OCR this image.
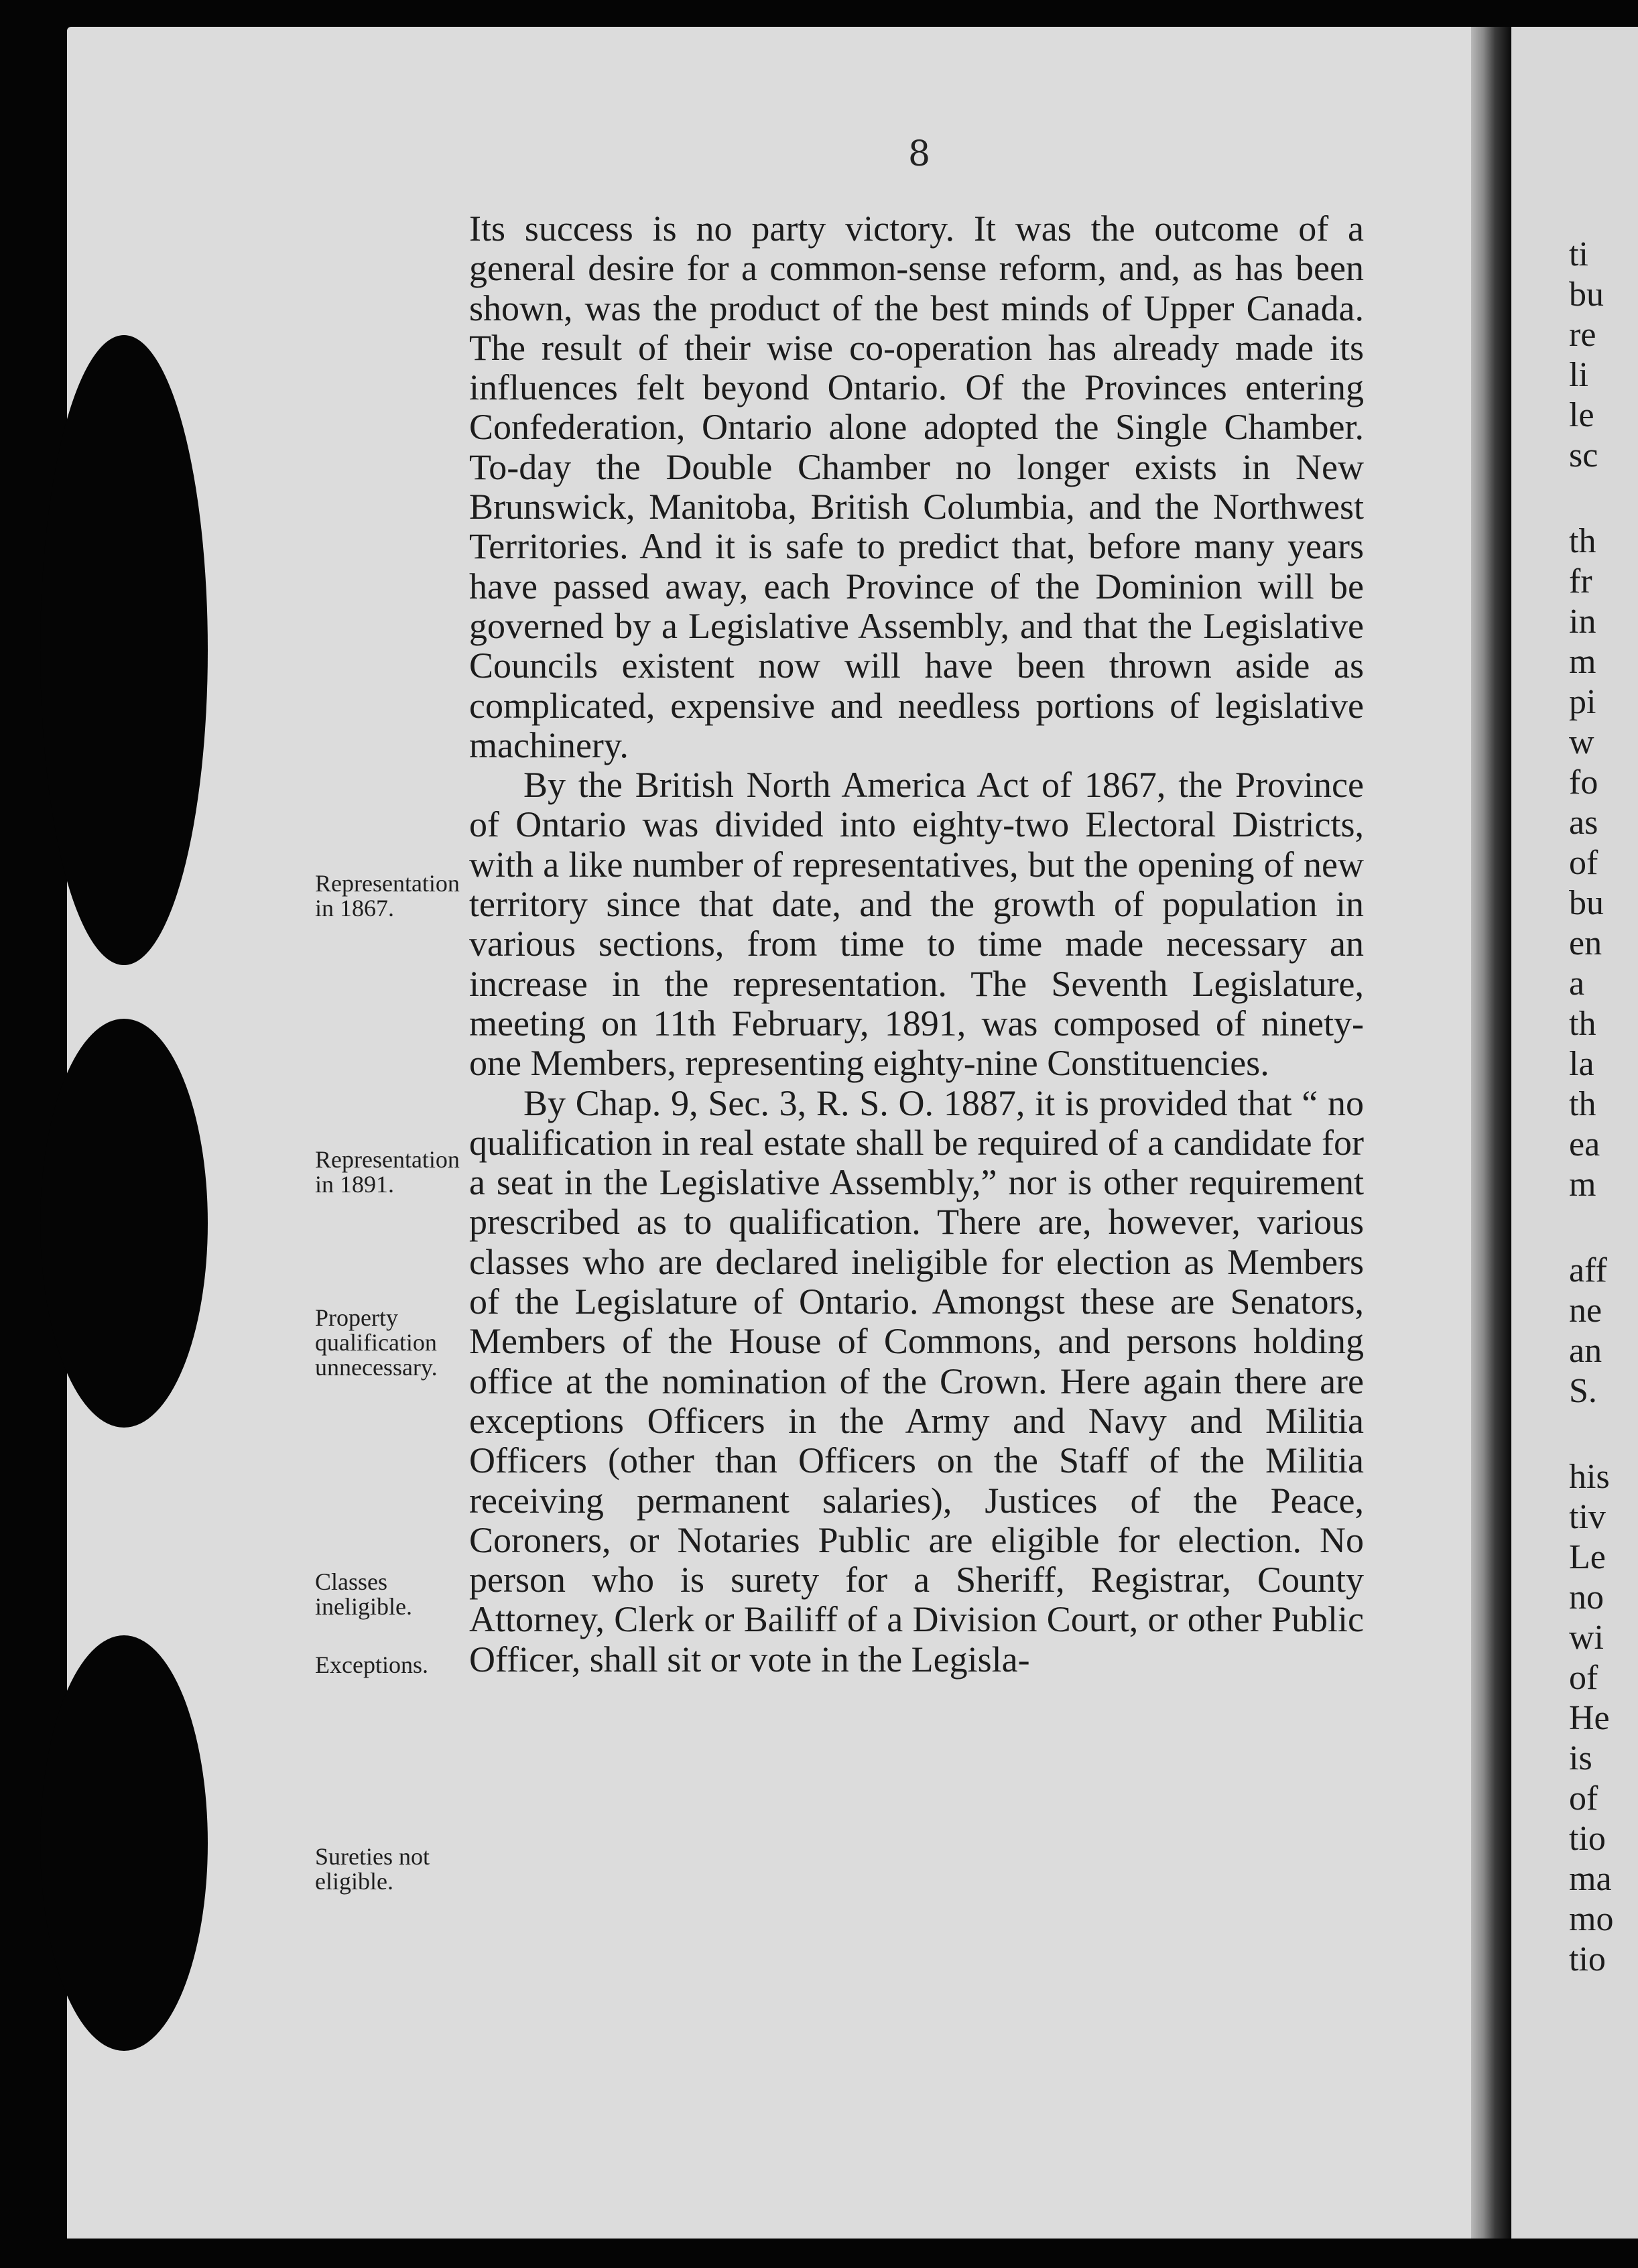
8
Representation in 1867.
Representation in 1891.
Property qualification unnecessary.
Classes ineligible.
Exceptions.
Sureties not eligible.

Its success is no party victory. It was the outcome of a general desire for a common-sense reform, and, as has been shown, was the product of the best minds of Upper Canada. The result of their wise co-operation has already made its influences felt beyond Ontario. Of the Provinces entering Confederation, Ontario alone adopted the Single Chamber. To-day the Double Chamber no longer exists in New Brunswick, Manitoba, British Columbia, and the Northwest Territories. And it is safe to predict that, before many years have passed away, each Province of the Dominion will be governed by a Legislative Assembly, and that the Legislative Councils existent now will have been thrown aside as complicated, expensive and needless portions of legislative machinery.

By the British North America Act of 1867, the Province of Ontario was divided into eighty-two Electoral Districts, with a like number of representatives, but the opening of new territory since that date, and the growth of population in various sections, from time to time made necessary an increase in the representation. The Seventh Legislature, meeting on 11th February, 1891, was composed of ninety-one Members, representing eighty-nine Constituencies.

By Chap. 9, Sec. 3, R. S. O. 1887, it is provided that “ no qualification in real estate shall be required of a candidate for a seat in the Legislative Assembly,” nor is other requirement prescribed as to qualification. There are, however, various classes who are declared ineligible for election as Members of the Legislature of Ontario. Amongst these are Senators, Members of the House of Commons, and persons holding office at the nomination of the Crown. Here again there are exceptions Officers in the Army and Navy and Militia Officers (other than Officers on the Staff of the Militia receiving permanent salaries), Justices of the Peace, Coroners, or Notaries Public are eligible for election. No person who is surety for a Sheriff, Registrar, County Attorney, Clerk or Bailiff of a Division Court, or other Public Officer, shall sit or vote in the Legisla-

ti
bu
re
li
le
sc
th
fr
in
m
pi
w
fo
as
of
bu
en
a
th
la
th
ea
m
aff
ne
an
S.
his
tiv
Le
no
wi
of
He
is
of
tio
ma
mo
tio
